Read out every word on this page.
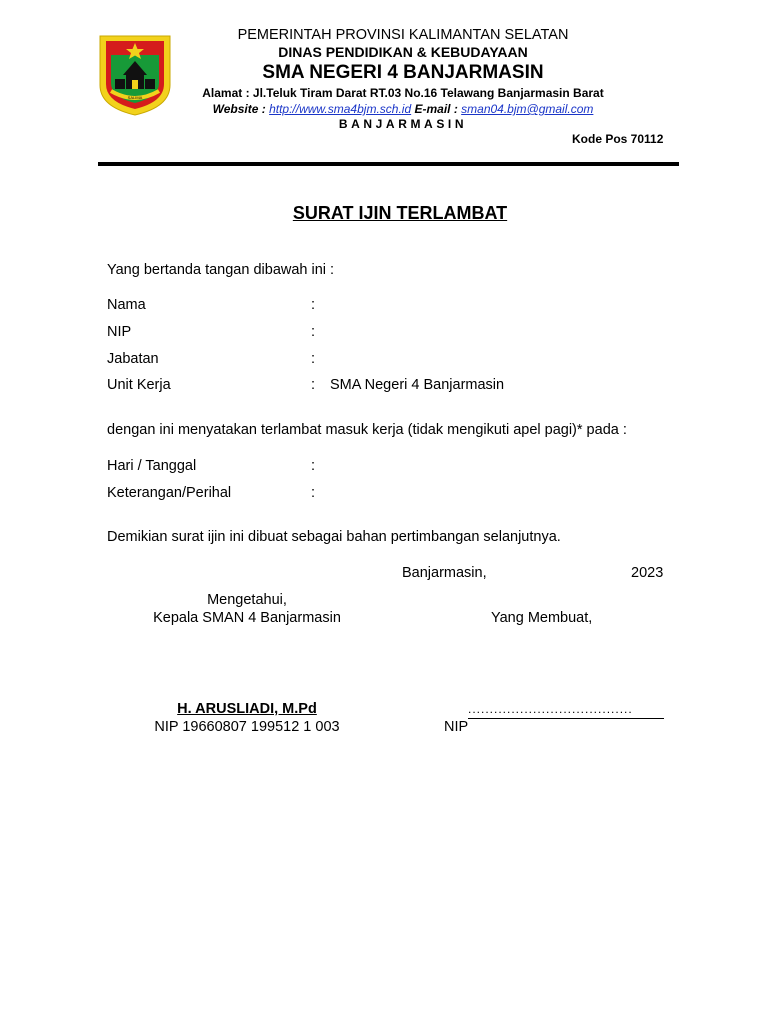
SALIMA
PEMERINTAH PROVINSI KALIMANTAN SELATAN
DINAS PENDIDIKAN & KEBUDAYAAN
SMA NEGERI 4 BANJARMASIN
Alamat : Jl.Teluk Tiram Darat RT.03 No.16 Telawang Banjarmasin Barat
Website : http://www.sma4bjm.sch.id E-mail : sman04.bjm@gmail.com
BANJARMASIN
Kode Pos 70112
SURAT IJIN TERLAMBAT
Yang bertanda tangan dibawah ini :
Nama	:
NIP	:
Jabatan	:
Unit Kerja	: SMA Negeri 4 Banjarmasin
dengan ini menyatakan terlambat masuk kerja (tidak mengikuti apel pagi)* pada :
Hari / Tanggal	:
Keterangan/Perihal	:
Demikian surat ijin ini dibuat sebagai bahan pertimbangan selanjutnya.
Banjarmasin,	2023
Mengetahui,
Kepala SMAN 4 Banjarmasin	Yang Membuat,
H. ARUSLIADI, M.Pd
NIP 19660807 199512 1 003
......................................
NIP
